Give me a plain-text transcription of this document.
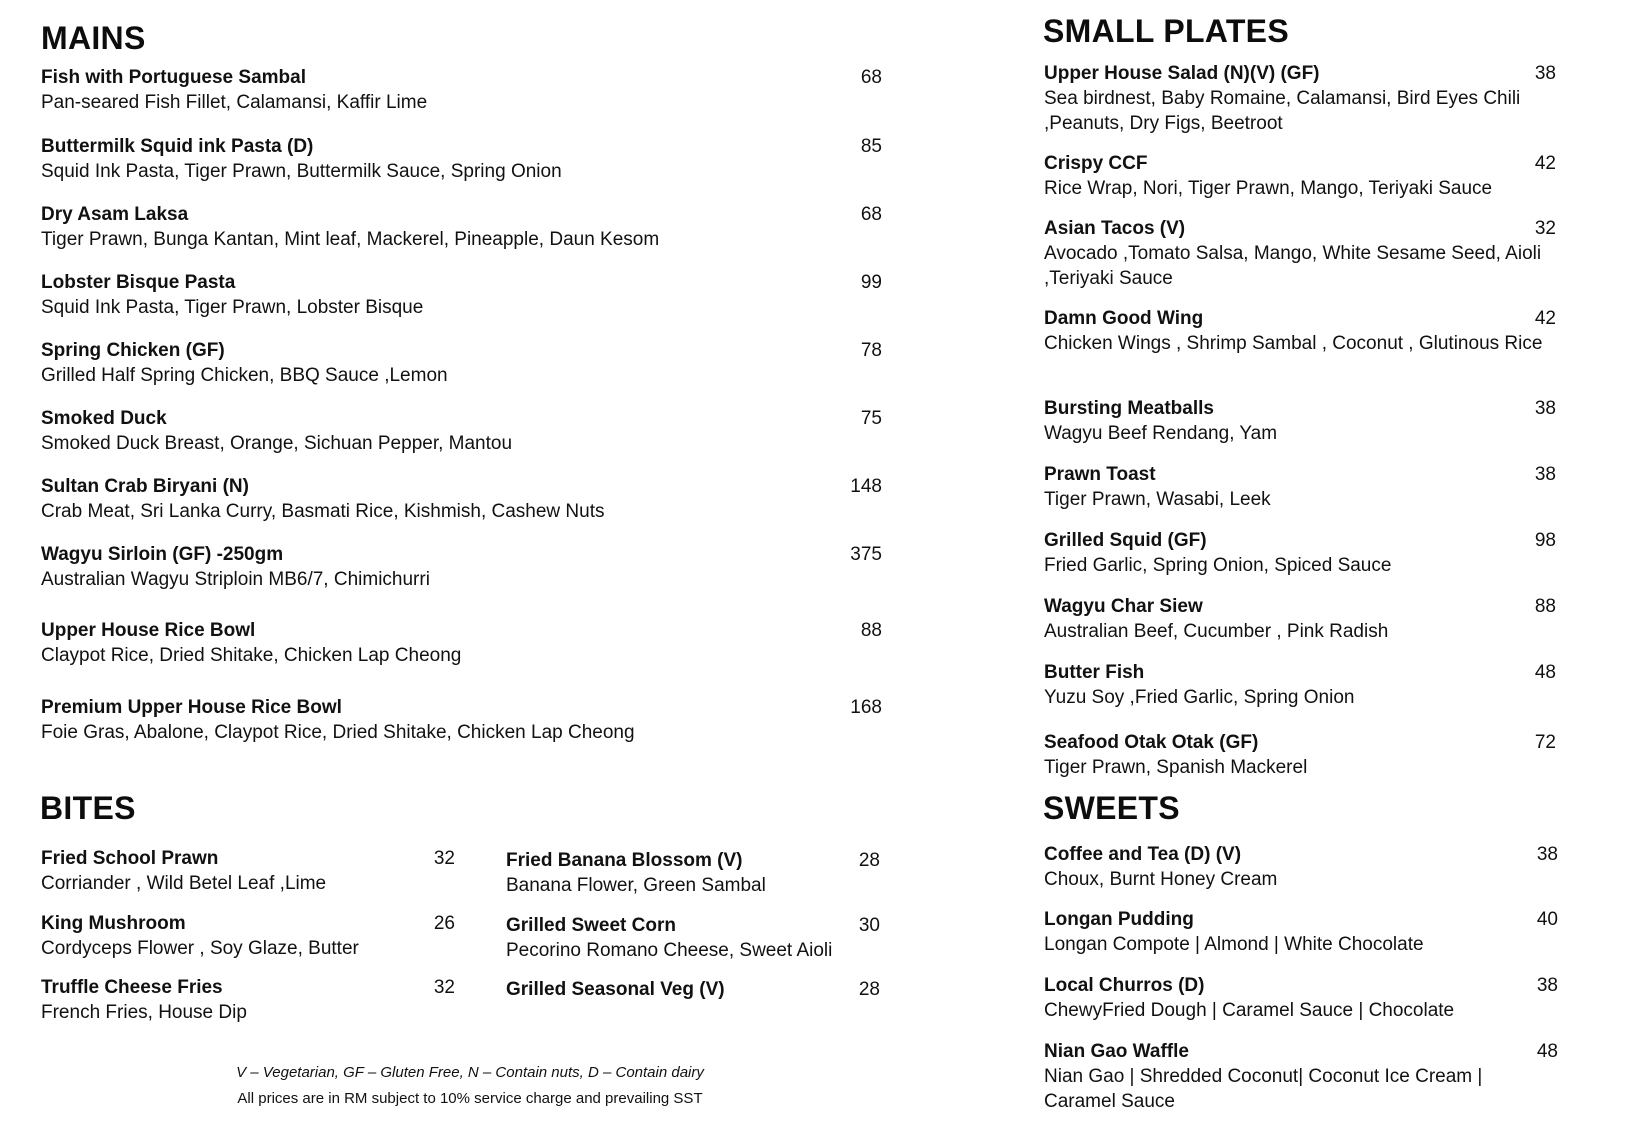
MAINS
Fish with Portuguese Sambal
Pan-seared Fish Fillet, Calamansi, Kaffir Lime
68
Buttermilk Squid ink Pasta (D)
Squid Ink Pasta, Tiger Prawn, Buttermilk Sauce, Spring Onion
85
Dry Asam Laksa
Tiger Prawn, Bunga Kantan, Mint leaf, Mackerel, Pineapple, Daun Kesom
68
Lobster Bisque Pasta
Squid Ink Pasta, Tiger Prawn, Lobster Bisque
99
Spring Chicken (GF)
Grilled Half Spring Chicken, BBQ Sauce ,Lemon
78
Smoked Duck
Smoked Duck Breast, Orange, Sichuan Pepper, Mantou
75
Sultan Crab Biryani (N)
Crab Meat, Sri Lanka Curry, Basmati Rice, Kishmish, Cashew Nuts
148
Wagyu Sirloin (GF) -250gm
Australian Wagyu Striploin MB6/7, Chimichurri
375
Upper House Rice Bowl
Claypot Rice, Dried Shitake, Chicken Lap Cheong
88
Premium Upper House Rice Bowl
Foie Gras, Abalone, Claypot Rice, Dried Shitake, Chicken Lap Cheong
168
BITES
Fried School Prawn
Corriander , Wild Betel Leaf ,Lime
32
King Mushroom
Cordyceps Flower , Soy Glaze, Butter
26
Truffle Cheese Fries
French Fries, House Dip
32
Fried Banana Blossom (V)
Banana Flower, Green Sambal
28
Grilled Sweet Corn
Pecorino Romano Cheese, Sweet Aioli
30
Grilled Seasonal Veg (V)	28
SMALL PLATES
Upper House Salad (N)(V) (GF)
Sea birdnest, Baby Romaine, Calamansi, Bird Eyes Chili ,Peanuts, Dry Figs, Beetroot
38
Crispy CCF
Rice Wrap, Nori, Tiger Prawn, Mango, Teriyaki Sauce
42
Asian Tacos (V)
Avocado ,Tomato Salsa, Mango, White Sesame Seed, Aioli ,Teriyaki Sauce
32
Damn Good Wing
Chicken Wings , Shrimp Sambal , Coconut , Glutinous Rice
42
Bursting Meatballs
Wagyu Beef Rendang, Yam
38
Prawn Toast
Tiger Prawn, Wasabi, Leek
38
Grilled Squid (GF)
Fried Garlic, Spring Onion, Spiced Sauce
98
Wagyu Char Siew
Australian Beef, Cucumber , Pink Radish
88
Butter Fish
Yuzu Soy ,Fried Garlic, Spring Onion
48
Seafood Otak Otak (GF)
Tiger Prawn, Spanish Mackerel
72
SWEETS
Coffee and Tea (D) (V)
Choux, Burnt Honey Cream
38
Longan Pudding
Longan Compote | Almond | White Chocolate
40
Local Churros (D)
ChewyFried Dough | Caramel Sauce | Chocolate
38
Nian Gao Waffle
Nian Gao | Shredded Coconut| Coconut Ice Cream | Caramel Sauce
48
V – Vegetarian, GF – Gluten Free, N – Contain nuts, D – Contain dairy
All prices are in RM subject to 10% service charge and prevailing SST
